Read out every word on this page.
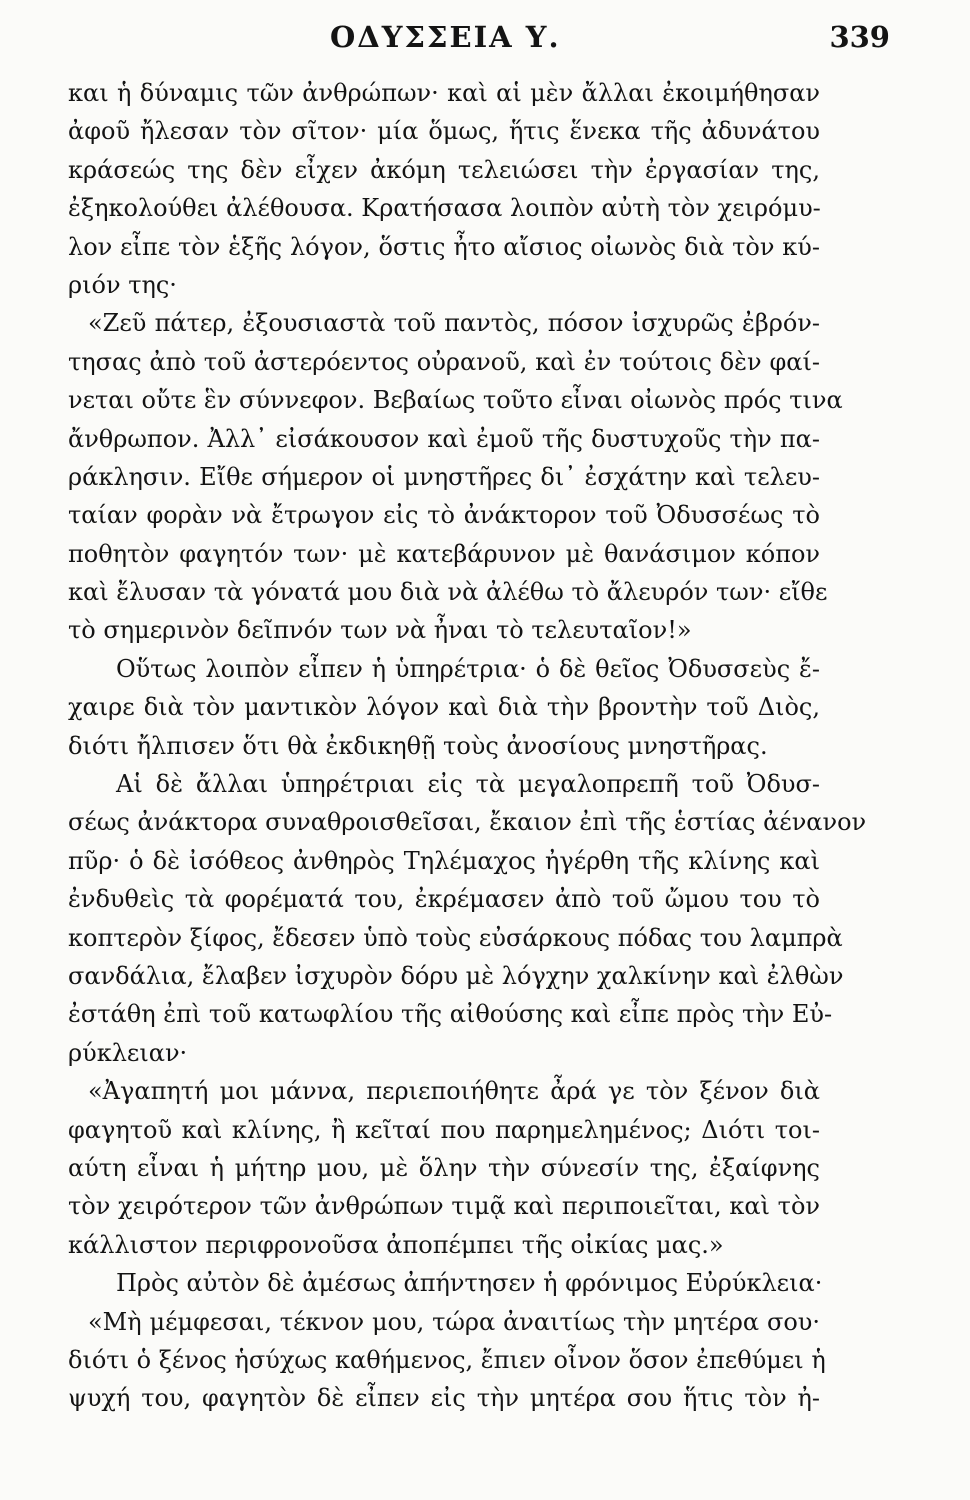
ΟΔΥΣΣΕΙΑ Υ.	339
και ἡ δύναμις τῶν ἀνθρώπων· καὶ αἱ μὲν ἄλλαι ἐκοιμήθησαν
ἀφοῦ ἤλεσαν τὸν σῖτον· μία ὅμως, ἥτις ἕνεκα τῆς ἀδυνάτου
κράσεώς της δὲν εἶχεν ἀκόμη τελειώσει τὴν ἐργασίαν της,
ἐξηκολούθει ἀλέθουσα. Κρατήσασα λοιπὸν αὐτὴ τὸν χειρόμυ-
λον εἶπε τὸν ἑξῆς λόγον, ὅστις ἦτο αἴσιος οἰωνὸς διὰ τὸν κύ-
ριόν της·
«Ζεῦ πάτερ, ἐξουσιαστὰ τοῦ παντὸς, πόσον ἰσχυρῶς ἐβρόν-
τησας ἀπὸ τοῦ ἀστερόεντος οὐρανοῦ, καὶ ἐν τούτοις δὲν φαί-
νεται οὔτε ἓν σύννεφον. Βεβαίως τοῦτο εἶναι οἰωνὸς πρός τινα
ἄνθρωπον. Ἀλλ᾽ εἰσάκουσον καὶ ἐμοῦ τῆς δυστυχοῦς τὴν πα-
ράκλησιν. Εἴθε σήμερον οἱ μνηστῆρες δι᾽ ἐσχάτην καὶ τελευ-
ταίαν φορὰν νὰ ἔτρωγον εἰς τὸ ἀνάκτορον τοῦ Ὀδυσσέως τὸ
ποθητὸν φαγητόν των· μὲ κατεβάρυνον μὲ θανάσιμον κόπον
καὶ ἔλυσαν τὰ γόνατά μου διὰ νὰ ἀλέθω τὸ ἄλευρόν των· εἴθε
τὸ σημερινὸν δεῖπνόν των νὰ ἦναι τὸ τελευταῖον!»
Οὕτως λοιπὸν εἶπεν ἡ ὑπηρέτρια· ὁ δὲ θεῖος Ὀδυσσεὺς ἔ-
χαιρε διὰ τὸν μαντικὸν λόγον καὶ διὰ τὴν βροντὴν τοῦ Διὸς,
διότι ἤλπισεν ὅτι θὰ ἐκδικηθῇ τοὺς ἀνοσίους μνηστῆρας.
Αἱ δὲ ἄλλαι ὑπηρέτριαι εἰς τὰ μεγαλοπρεπῆ τοῦ Ὀδυσ-
σέως ἀνάκτορα συναθροισθεῖσαι, ἔκαιον ἐπὶ τῆς ἑστίας ἀένανον
πῦρ· ὁ δὲ ἰσόθεος ἀνθηρὸς Τηλέμαχος ἠγέρθη τῆς κλίνης καὶ
ἐνδυθεὶς τὰ φορέματά του, ἐκρέμασεν ἀπὸ τοῦ ὤμου του τὸ
κοπτερὸν ξίφος, ἔδεσεν ὑπὸ τοὺς εὐσάρκους πόδας του λαμπρὰ
σανδάλια, ἔλαβεν ἰσχυρὸν δόρυ μὲ λόγχην χαλκίνην καὶ ἐλθὼν
ἐστάθη ἐπὶ τοῦ κατωφλίου τῆς αἰθούσης καὶ εἶπε πρὸς τὴν Εὐ-
ρύκλειαν·
«Ἀγαπητή μοι μάννα, περιεποιήθητε ἆρά γε τὸν ξένον διὰ
φαγητοῦ καὶ κλίνης, ἢ κεῖταί που παρημελημένος; Διότι τοι-
αύτη εἶναι ἡ μήτηρ μου, μὲ ὅλην τὴν σύνεσίν της, ἐξαίφνης
τὸν χειρότερον τῶν ἀνθρώπων τιμᾷ καὶ περιποιεῖται, καὶ τὸν
κάλλιστον περιφρονοῦσα ἀποπέμπει τῆς οἰκίας μας.»
Πρὸς αὐτὸν δὲ ἀμέσως ἀπήντησεν ἡ φρόνιμος Εὐρύκλεια·
«Μὴ μέμφεσαι, τέκνον μου, τώρα ἀναιτίως τὴν μητέρα σου·
διότι ὁ ξένος ἡσύχως καθήμενος, ἔπιεν οἶνον ὅσον ἐπεθύμει ἡ
ψυχή του, φαγητὸν δὲ εἶπεν εἰς τὴν μητέρα σου ἥτις τὸν ἠ-
